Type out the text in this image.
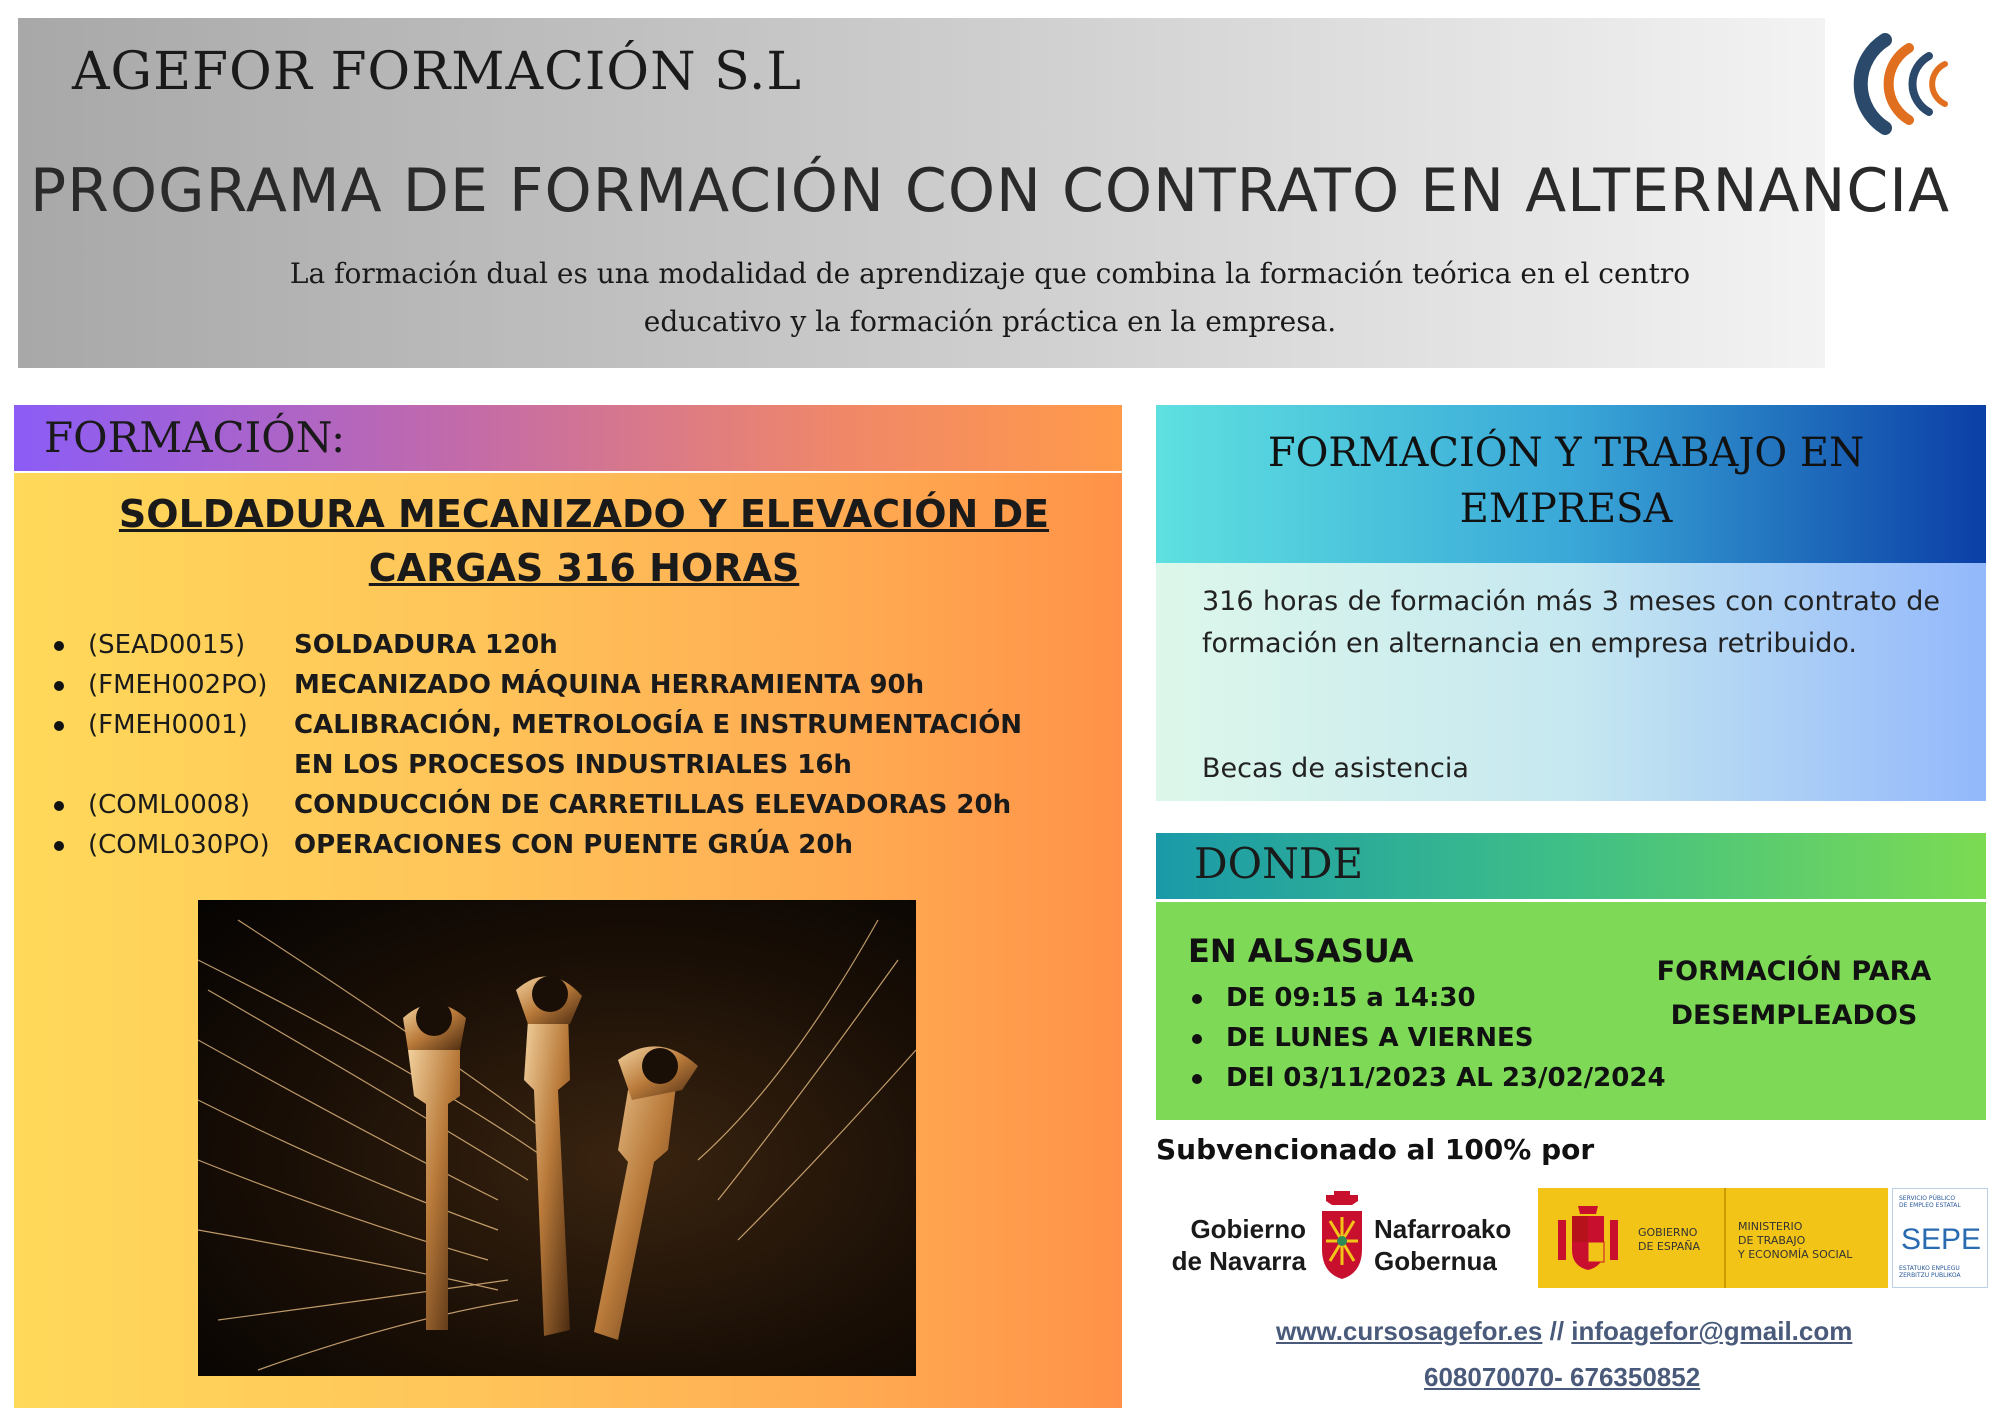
AGEFOR FORMACIÓN S.L
PROGRAMA DE FORMACIÓN CON CONTRATO EN ALTERNANCIA
La formación dual es una modalidad de aprendizaje que combina la formación teórica en el centro
educativo y la formación práctica en la empresa.
FORMACIÓN:
SOLDADURA MECANIZADO Y ELEVACIÓN DE
CARGAS 316 HORAS
(SEAD0015)	SOLDADURA 120h
(FMEH002PO)	MECANIZADO MÁQUINA HERRAMIENTA 90h
(FMEH0001)	CALIBRACIÓN, METROLOGÍA E INSTRUMENTACIÓN
EN LOS PROCESOS INDUSTRIALES 16h
(COML0008)	CONDUCCIÓN DE CARRETILLAS ELEVADORAS 20h
(COML030PO) OPERACIONES CON PUENTE GRÚA 20h
FORMACIÓN Y TRABAJO EN
EMPRESA
316 horas de formación más 3 meses con contrato de formación en alternancia en empresa retribuido.
Becas de asistencia
DONDE
EN ALSASUA
DE 09:15 a 14:30
DE LUNES A VIERNES
DEl 03/11/2023 AL 23/02/2024
FORMACIÓN PARA
DESEMPLEADOS
Subvencionado al 100% por
Gobierno
de Navarra
Nafarroako
Gobernua
GOBIERNO
DE ESPAÑA
MINISTERIO
DE TRABAJO
Y ECONOMÍA SOCIAL
SERVICIO PÚBLICO
DE EMPLEO ESTATAL
SEPE
ESTATUKO ENPLEGU
ZERBITZU PUBLIKOA
www.cursosagefor.es // infoagefor@gmail.com
608070070- 676350852
